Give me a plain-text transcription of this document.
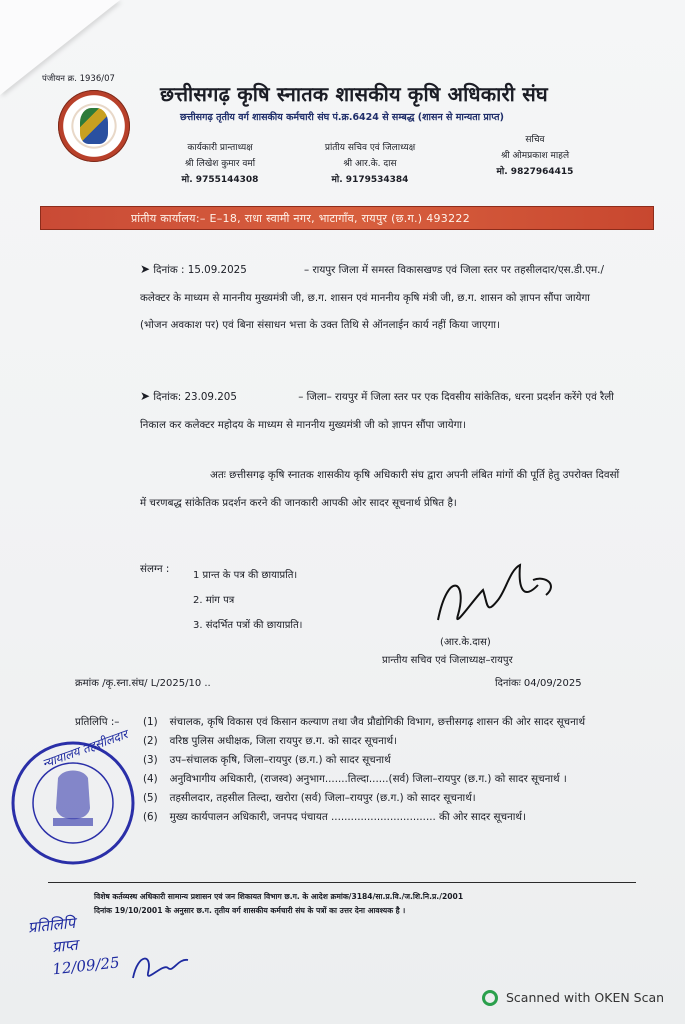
पंजीयन क्र. 1936/07
छत्तीसगढ़ कृषि स्नातक शासकीय कृषि अधिकारी संघ
छत्तीसगढ़ तृतीय वर्ग शासकीय कर्मचारी संघ पं.क्र.6424 से सम्बद्ध (शासन से मान्यता प्राप्त)
कार्यकारी प्रान्ताध्यक्ष
श्री लिखेश कुमार वर्मा
मो. 9755144308
प्रांतीय सचिव एवं जिलाध्यक्ष
श्री आर.के. दास
मो. 9179534384
सचिव
श्री ओमप्रकाश माहले
मो. 9827964415
प्रांतीय कार्यालय:– E–18, राधा स्वामी नगर, भाटागाँव, रायपुर (छ.ग.) 493222
➤ दिनांक : 15.09.2025	– रायपुर जिला में समस्त विकासखण्ड एवं जिला स्तर पर तहसीलदार/एस.डी.एम./कलेक्टर के माध्यम से माननीय मुख्यमंत्री जी, छ.ग. शासन एवं माननीय कृषि मंत्री जी, छ.ग. शासन को ज्ञापन सौंपा जायेगा (भोजन अवकाश पर) एवं बिना संसाधन भत्ता के उक्त तिथि से ऑनलाईन कार्य नहीं किया जाएगा।
➤ दिनांक: 23.09.205	– जिला– रायपुर में जिला स्तर पर एक दिवसीय सांकेतिक, धरना प्रदर्शन करेंगे एवं रैली निकाल कर कलेक्टर महोदय के माध्यम से माननीय मुख्यमंत्री जी को ज्ञापन सौंपा जायेगा।
अतः छत्तीसगढ़ कृषि स्नातक शासकीय कृषि अधिकारी संघ द्वारा अपनी लंबित मांगों की पूर्ति हेतु उपरोक्त दिवसों में चरणबद्ध सांकेतिक प्रदर्शन करने की जानकारी आपकी ओर सादर सूचनार्थ प्रेषित है।
संलग्न :
1 प्रान्त के पत्र की छायाप्रति।
2. मांग पत्र
3. संदर्भित पत्रों की छायाप्रति।
(आर.के.दास)
प्रान्तीय सचिव एवं जिलाध्यक्ष–रायपुर
क्रमांक /कृ.स्ना.संघ/ L/2025/10 ..	दिनांकः 04/09/2025
प्रतिलिपि :– (1) संचालक, कृषि विकास एवं किसान कल्याण तथा जैव प्रौद्योगिकी विभाग, छत्तीसगढ़ शासन की ओर सादर सूचनार्थ
(2) वरिष्ठ पुलिस अधीक्षक, जिला रायपुर छ.ग. को सादर सूचनार्थ।
(3) उप–संचालक कृषि, जिला–रायपुर (छ.ग.) को सादर सूचनार्थ
(4) अनुविभागीय अधिकारी, (राजस्व) अनुभाग.......तिल्दा......(सर्व) जिला–रायपुर (छ.ग.) को सादर सूचनार्थ ।
(5) तहसीलदार, तहसील तिल्दा, खरोरा (सर्व) जिला–रायपुर (छ.ग.) को सादर सूचनार्थ।
(6) मुख्य कार्यपालन अधिकारी, जनपद पंचायत ................................ की ओर सादर सूचनार्थ।
न्यायालय तहसीलदार
विशेष कर्तव्यस्थ अधिकारी सामान्य प्रशासन एवं जन शिकायत विभाग छ.ग. के आदेश क्रमांक/3184/सा.प्र.वि./ज.शि.नि.प्र./2001
दिनांक 19/10/2001 के अनुसार छ.ग. तृतीय वर्ग शासकीय कर्मचारी संघ के पत्रों का उत्तर देना आवश्यक है ।
प्रतिलिपि
प्राप्त
12/09/25
Scanned with OKEN Scan
